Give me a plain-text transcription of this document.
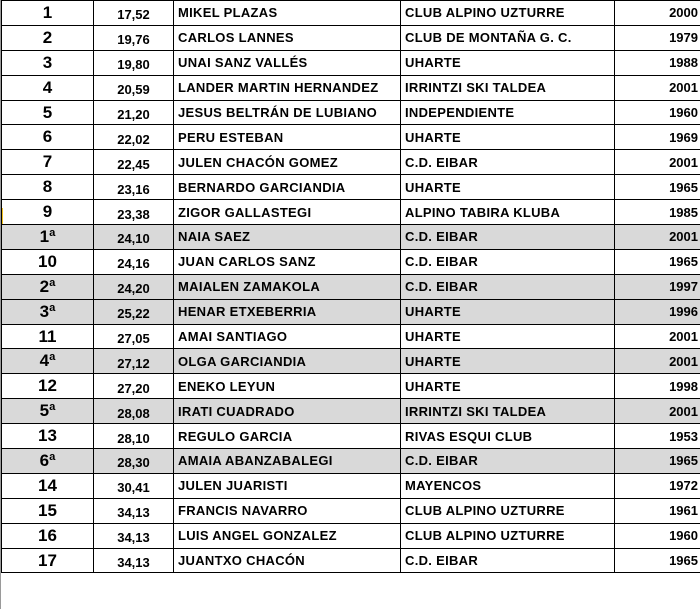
1	17,52	MIKEL PLAZAS	CLUB ALPINO UZTURRE	2000
2	19,76	CARLOS LANNES	CLUB DE MONTAÑA G. C.	1979
3	19,80	UNAI SANZ VALLÉS	UHARTE	1988
4	20,59	LANDER MARTIN HERNANDEZ	IRRINTZI SKI TALDEA	2001
5	21,20	JESUS BELTRÁN DE LUBIANO	INDEPENDIENTE	1960
6	22,02	PERU ESTEBAN	UHARTE	1969
7	22,45	JULEN CHACÓN GOMEZ	C.D. EIBAR	2001
8	23,16	BERNARDO GARCIANDIA	UHARTE	1965
9	23,38	ZIGOR GALLASTEGI	ALPINO TABIRA KLUBA	1985
1ª	24,10	NAIA SAEZ	C.D. EIBAR	2001
10	24,16	JUAN CARLOS SANZ	C.D. EIBAR	1965
2ª	24,20	MAIALEN ZAMAKOLA	C.D. EIBAR	1997
3ª	25,22	HENAR ETXEBERRIA	UHARTE	1996
11	27,05	AMAI SANTIAGO	UHARTE	2001
4ª	27,12	OLGA GARCIANDIA	UHARTE	2001
12	27,20	ENEKO LEYUN	UHARTE	1998
5ª	28,08	IRATI CUADRADO	IRRINTZI SKI TALDEA	2001
13	28,10	REGULO GARCIA	RIVAS ESQUI CLUB	1953
6ª	28,30	AMAIA ABANZABALEGI	C.D. EIBAR	1965
14	30,41	JULEN JUARISTI	MAYENCOS	1972
15	34,13	FRANCIS NAVARRO	CLUB ALPINO UZTURRE	1961
16	34,13	LUIS ANGEL GONZALEZ	CLUB ALPINO UZTURRE	1960
17	34,13	JUANTXO CHACÓN	C.D. EIBAR	1965
